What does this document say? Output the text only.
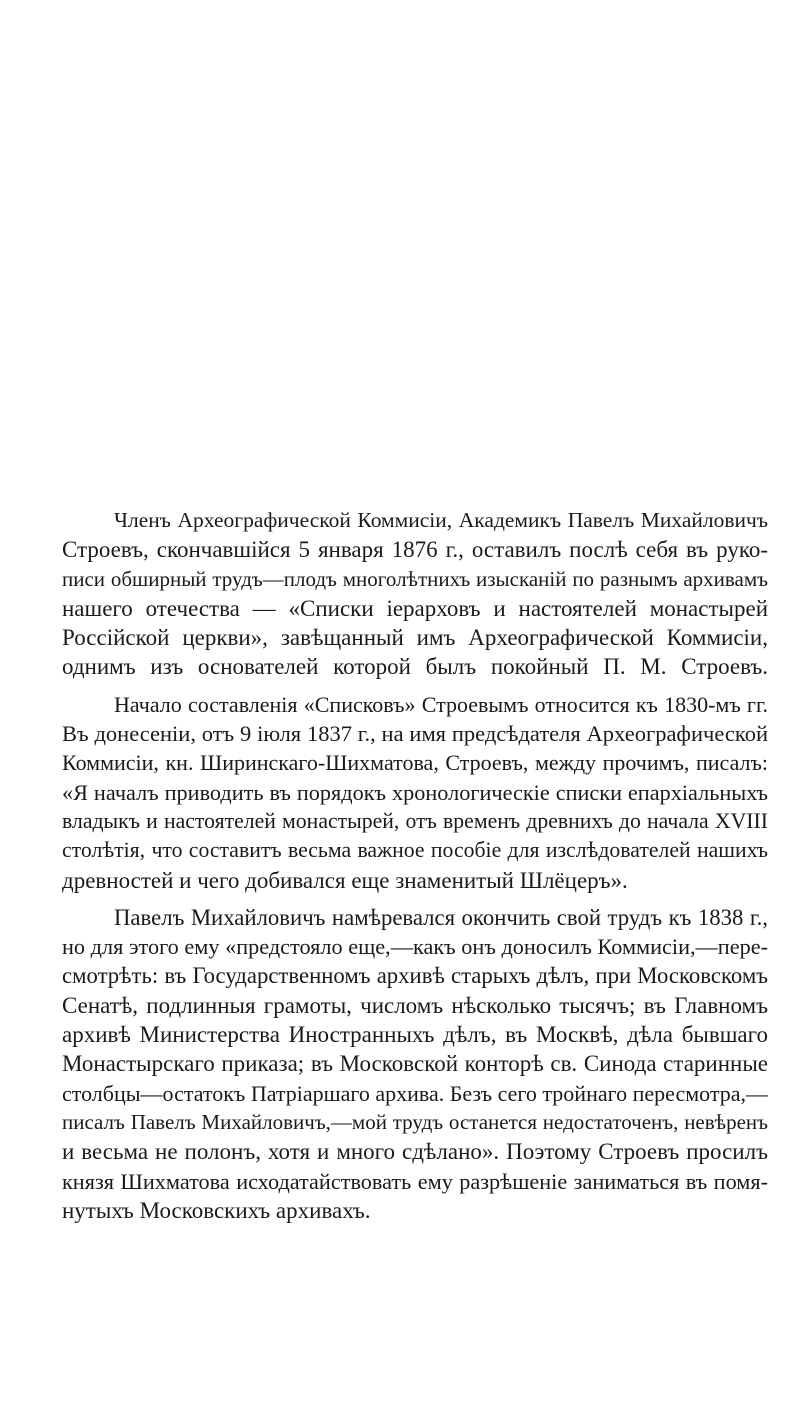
Членъ Археографической Коммисіи, Академикъ Павелъ Михайловичъ
Строевъ, скончавшійся 5 января 1876 г., оставилъ послѣ себя въ руко-
писи обширный трудъ—плодъ многолѣтнихъ изысканій по разнымъ архивамъ
нашего отечества — «Списки іерарховъ и настоятелей монастырей
Россійской церкви», завѣщанный имъ Археографической Коммисіи,
однимъ изъ основателей которой былъ покойный П. М. Строевъ.

Начало составленія «Списковъ» Строевымъ относится къ 1830-мъ гг.
Въ донесеніи, отъ 9 іюля 1837 г., на имя предсѣдателя Археографической
Коммисіи, кн. Ширинскаго-Шихматова, Строевъ, между прочимъ, писалъ:
«Я началъ приводить въ порядокъ хронологическіе списки епархіальныхъ
владыкъ и настоятелей монастырей, отъ временъ древнихъ до начала XVIII
столѣтія, что составитъ весьма важное пособіе для изслѣдователей нашихъ
древностей и чего добивался еще знаменитый Шлёцеръ».

Павелъ Михайловичъ намѣревался окончить свой трудъ къ 1838 г.,
но для этого ему «предстояло еще,—какъ онъ доносилъ Коммисіи,—пере-
смотрѣть: въ Государственномъ архивѣ старыхъ дѣлъ, при Московскомъ
Сенатѣ, подлинныя грамоты, числомъ нѣсколько тысячъ; въ Главномъ
архивѣ Министерства Иностранныхъ дѣлъ, въ Москвѣ, дѣла бывшаго
Монастырскаго приказа; въ Московской конторѣ св. Синода старинные
столбцы—остатокъ Патріаршаго архива. Безъ сего тройнаго пересмотра,—
писалъ Павелъ Михайловичъ,—мой трудъ останется недостаточенъ, невѣренъ
и весьма не полонъ, хотя и много сдѣлано». Поэтому Строевъ просилъ
князя Шихматова исходатайствовать ему разрѣшеніе заниматься въ помя-
нутыхъ Московскихъ архивахъ.
